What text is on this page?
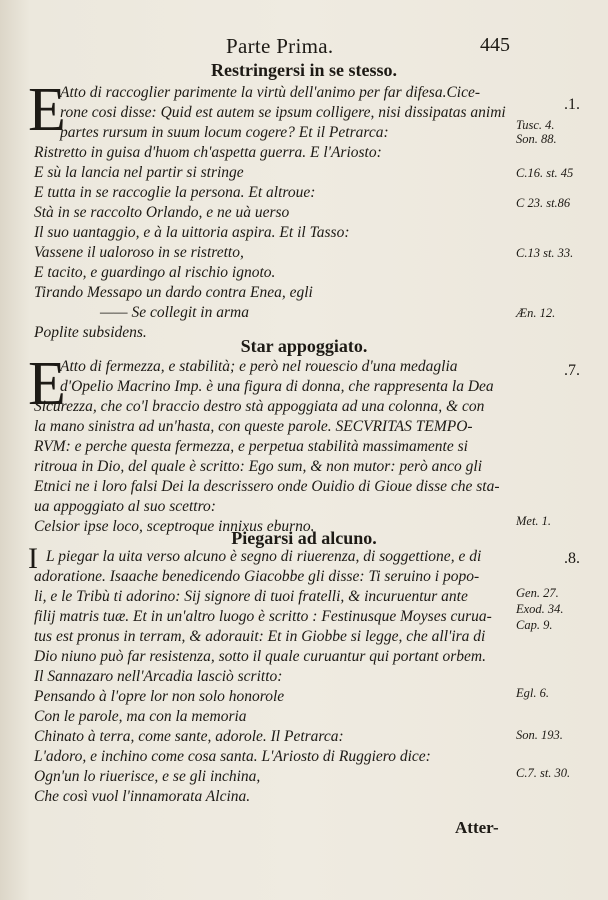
Parte Prima.	445
Restringersi in se stesso.
E
Atto di raccoglier parimente la virtù dell'animo per far difesa.Cice-
rone cosi disse: Quid est autem se ipsum colligere, nisi dissipatas animi
partes rursum in suum locum cogere? Et il Petrarca:
Ristretto in guisa d'huom ch'aspetta guerra. E l'Ariosto:
E sù la lancia nel partir si stringe
E tutta in se raccoglie la persona. Et altroue:
Stà in se raccolto Orlando, e ne uà uerso
Il suo uantaggio, e à la uittoria aspira. Et il Tasso:
Vassene il ualoroso in se ristretto,
E tacito, e guardingo al rischio ignoto.
Tirando Messapo un dardo contra Enea, egli
—— Se collegit in arma
Poplite subsidens.
.1.
Tusc. 4.
Son. 88.
C.16. st. 45
C 23. st.86
C.13 st. 33.
Æn. 12.
Star appoggiato.
E
Atto di fermezza, e stabilità; e però nel rouescio d'una medaglia
d'Opelio Macrino Imp. è una figura di donna, che rappresenta la Dea
Sicurezza, che co'l braccio destro stà appoggiata ad una colonna, & con
la mano sinistra ad un'hasta, con queste parole. SECVRITAS TEMPO-
RVM: e perche questa fermezza, e perpetua stabilità massimamente si
ritroua in Dio, del quale è scritto: Ego sum, & non mutor: però anco gli
Etnici ne i loro falsi Dei la descrissero onde Ouidio di Gioue disse che sta-
ua appoggiato al suo scettro:
Celsior ipse loco, sceptroque innixus eburno.
.7.
Met. 1.
Piegarsi ad alcuno.
I L piegar la uita verso alcuno è segno di riuerenza, di soggettione, e di
adoratione. Isaache benedicendo Giacobbe gli disse: Ti seruino i popo-
li, e le Tribù ti adorino: Sij signore di tuoi fratelli, & incuruentur ante
filij matris tuæ. Et in un'altro luogo è scritto : Festinusque Moyses curua-
tus est pronus in terram, & adorauit: Et in Giobbe si legge, che all'ira di
Dio niuno può far resistenza, sotto il quale curuantur qui portant orbem.
Il Sannazaro nell'Arcadia lasciò scritto:
Pensando à l'opre lor non solo honorole
Con le parole, ma con la memoria
Chinato à terra, come sante, adorole. Il Petrarca:
L'adoro, e inchino come cosa santa. L'Ariosto di Ruggiero dice:
Ogn'un lo riuerisce, e se gli inchina,
Che così vuol l'innamorata Alcina.
.8.
Gen. 27.
Exod. 34.
Cap. 9.
Egl. 6.
Son. 193.
C.7. st. 30.
Atter-
